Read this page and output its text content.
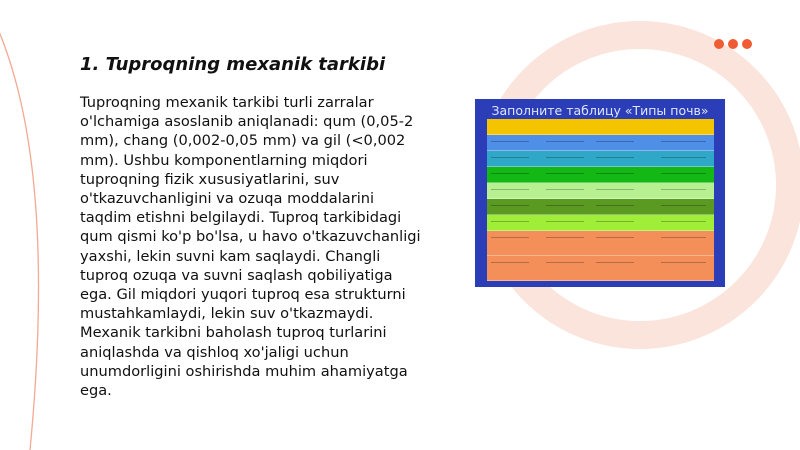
1. Tuproqning mexanik tarkibi

Tuproqning mexanik tarkibi turli zarralar o'lchamiga asoslanib aniqlanadi: qum (0,05-2 mm), chang (0,002-0,05 mm) va gil (<0,002 mm). Ushbu komponentlarning miqdori tuproqning fizik xususiyatlarini, suv o'tkazuvchanligini va ozuqa moddalarini taqdim etishni belgilaydi. Tuproq tarkibidagi qum qismi ko'p bo'lsa, u havo o'tkazuvchanligi yaxshi, lekin suvni kam saqlaydi. Changli tuproq ozuqa va suvni saqlash qobiliyatiga ega. Gil miqdori yuqori tuproq esa strukturni mustahkamlaydi, lekin suv o'tkazmaydi. Mexanik tarkibni baholash tuproq turlarini aniqlashda va qishloq xo'jaligi uchun unumdorligini oshirishda muhim ahamiyatga ega.

Заполните таблицу «Типы почв»
